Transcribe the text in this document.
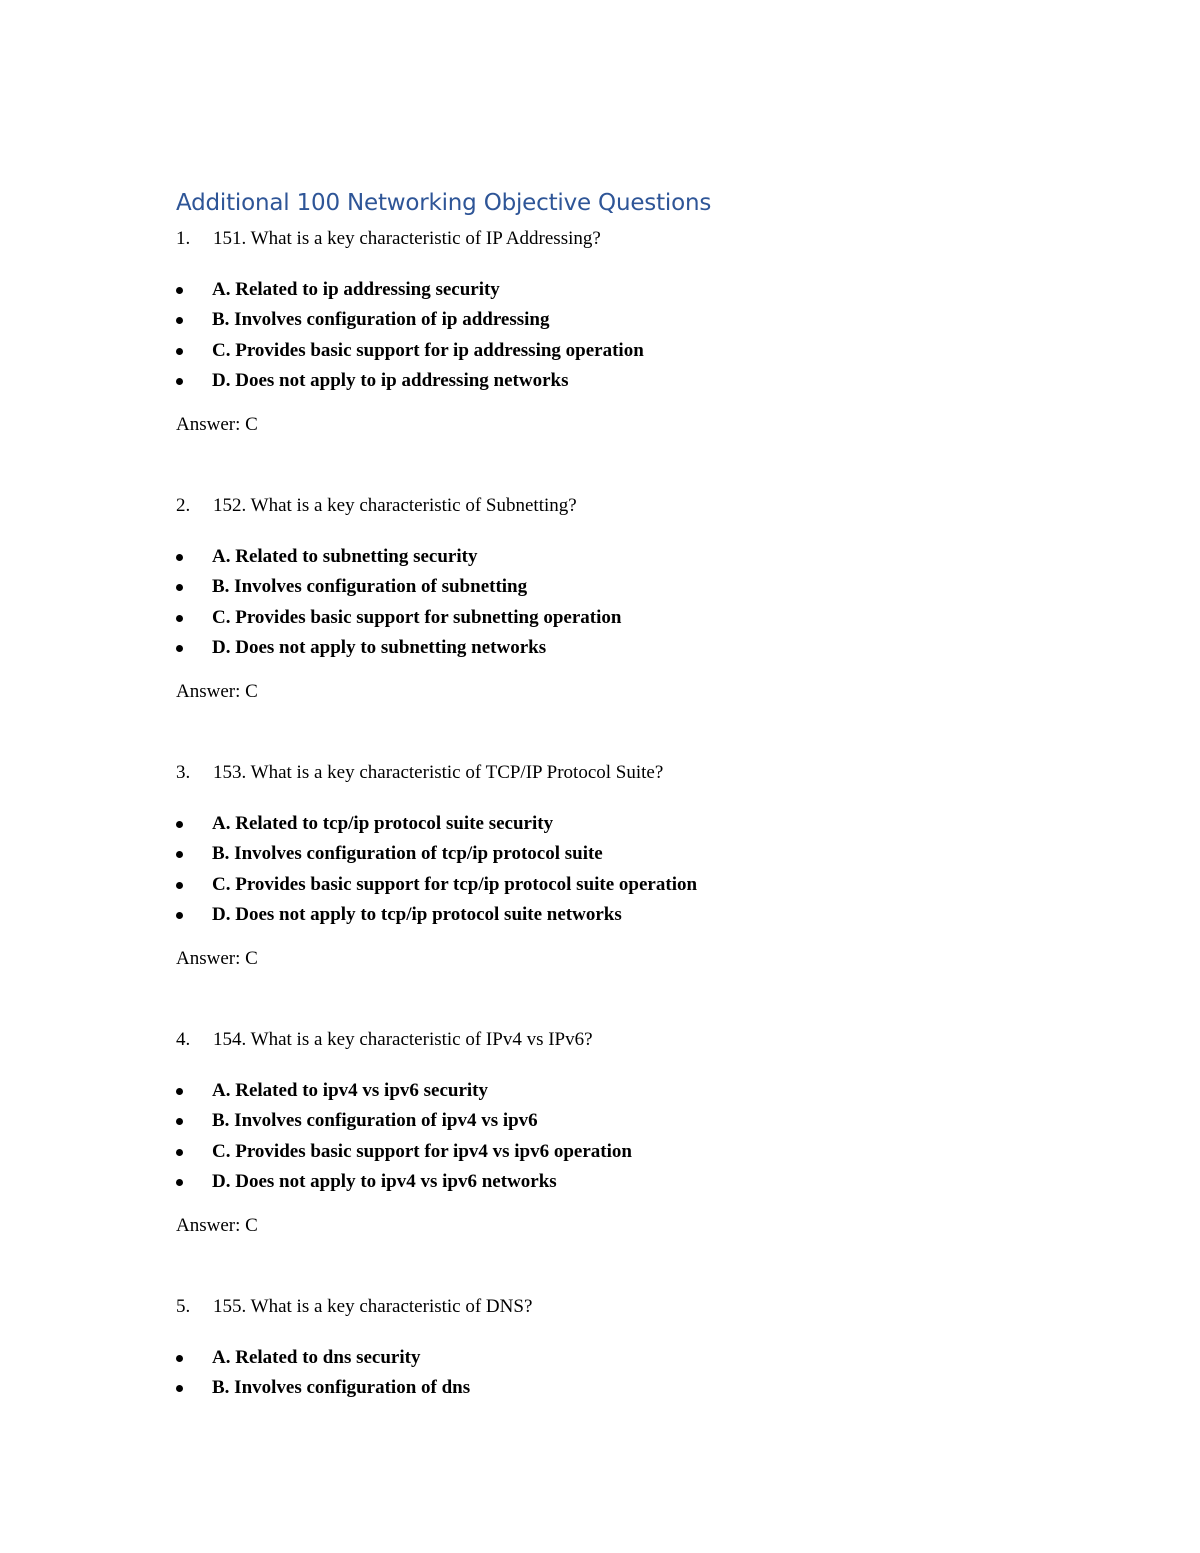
Additional 100 Networking Objective Questions
1. 151. What is a key characteristic of IP Addressing?
A. Related to ip addressing security
B. Involves configuration of ip addressing
C. Provides basic support for ip addressing operation
D. Does not apply to ip addressing networks
Answer: C
2. 152. What is a key characteristic of Subnetting?
A. Related to subnetting security
B. Involves configuration of subnetting
C. Provides basic support for subnetting operation
D. Does not apply to subnetting networks
Answer: C
3. 153. What is a key characteristic of TCP/IP Protocol Suite?
A. Related to tcp/ip protocol suite security
B. Involves configuration of tcp/ip protocol suite
C. Provides basic support for tcp/ip protocol suite operation
D. Does not apply to tcp/ip protocol suite networks
Answer: C
4. 154. What is a key characteristic of IPv4 vs IPv6?
A. Related to ipv4 vs ipv6 security
B. Involves configuration of ipv4 vs ipv6
C. Provides basic support for ipv4 vs ipv6 operation
D. Does not apply to ipv4 vs ipv6 networks
Answer: C
5. 155. What is a key characteristic of DNS?
A. Related to dns security
B. Involves configuration of dns
